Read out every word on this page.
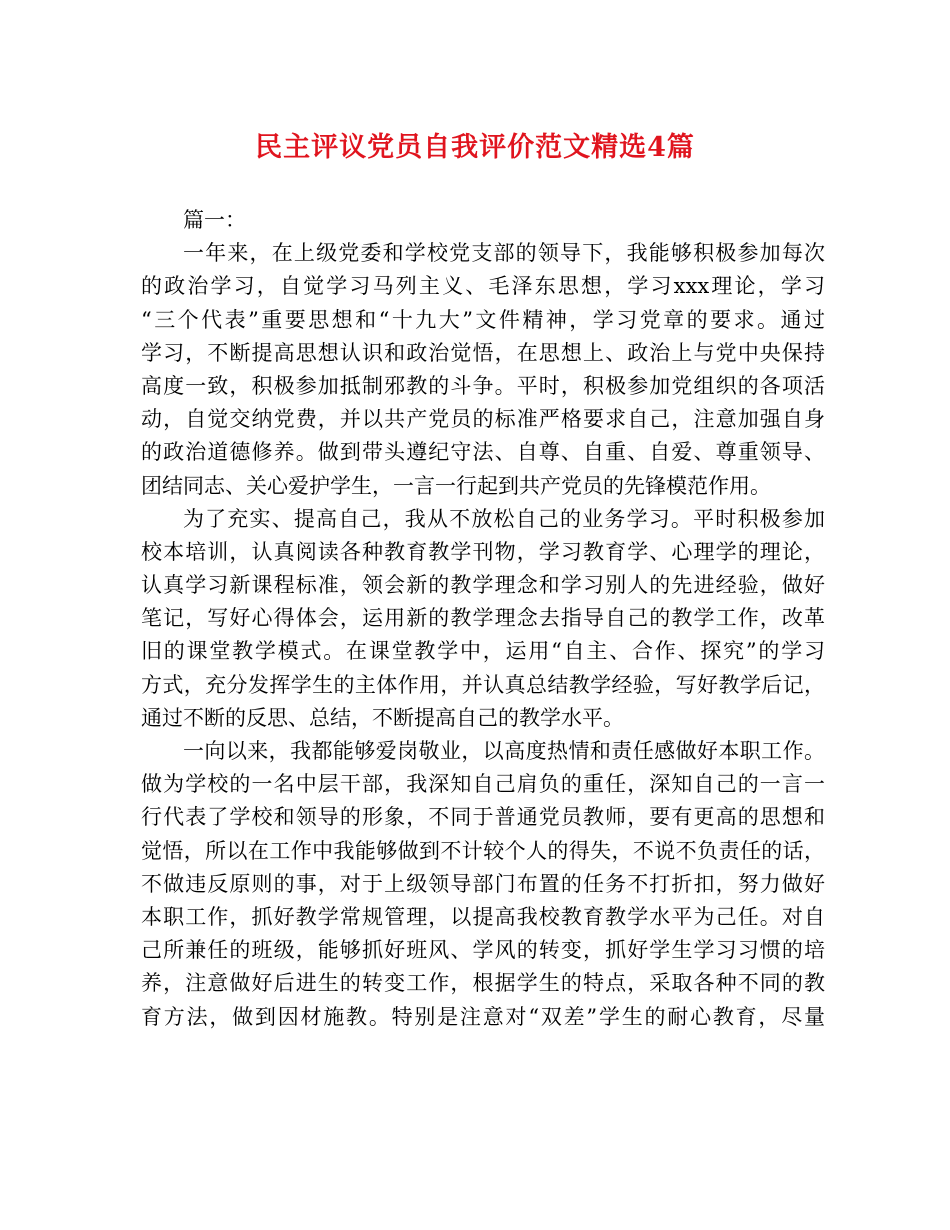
民主评议党员自我评价范文精选4篇
篇一：
一年来，在上级党委和学校党支部的领导下，我能够积极参加每次
的政治学习，自觉学习马列主义、毛泽东思想，学习xxx理论，学习
“三个代表”重要思想和“十九大”文件精神，学习党章的要求。通过
学习，不断提高思想认识和政治觉悟，在思想上、政治上与党中央保持
高度一致，积极参加抵制邪教的斗争。平时，积极参加党组织的各项活
动，自觉交纳党费，并以共产党员的标准严格要求自己，注意加强自身
的政治道德修养。做到带头遵纪守法、自尊、自重、自爱、尊重领导、
团结同志、关心爱护学生，一言一行起到共产党员的先锋模范作用。
为了充实、提高自己，我从不放松自己的业务学习。平时积极参加
校本培训，认真阅读各种教育教学刊物，学习教育学、心理学的理论，
认真学习新课程标准，领会新的教学理念和学习别人的先进经验，做好
笔记，写好心得体会，运用新的教学理念去指导自己的教学工作，改革
旧的课堂教学模式。在课堂教学中，运用“自主、合作、探究”的学习
方式，充分发挥学生的主体作用，并认真总结教学经验，写好教学后记，
通过不断的反思、总结，不断提高自己的教学水平。
一向以来，我都能够爱岗敬业，以高度热情和责任感做好本职工作。
做为学校的一名中层干部，我深知自己肩负的重任，深知自己的一言一
行代表了学校和领导的形象，不同于普通党员教师，要有更高的思想和
觉悟，所以在工作中我能够做到不计较个人的得失，不说不负责任的话，
不做违反原则的事，对于上级领导部门布置的任务不打折扣，努力做好
本职工作，抓好教学常规管理，以提高我校教育教学水平为己任。对自
己所兼任的班级，能够抓好班风、学风的转变，抓好学生学习习惯的培
养，注意做好后进生的转变工作，根据学生的特点，采取各种不同的教
育方法，做到因材施教。特别是注意对“双差”学生的耐心教育，尽量
